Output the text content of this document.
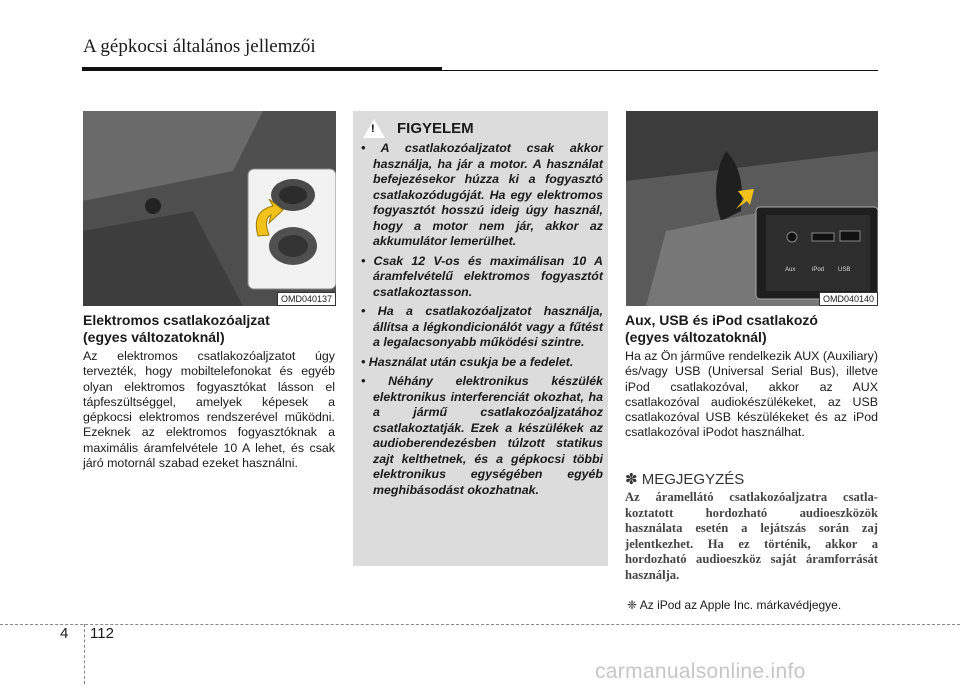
A gépkocsi általános jellemzői
OMD040137
Elektromos csatlakozóaljzat
(egyes változatoknál)
Az elektromos csatlakozóaljzatot úgy tervezték, hogy mobiltelefonokat és egyéb olyan elektromos fogyasztókat lásson el tápfeszültséggel, amelyek képesek a gépkocsi elektromos rendszerével működni. Ezeknek az elektromos fogyasztóknak a maximális áramfelvétele 10 A lehet, és csak járó motornál szabad ezeket használni.
! FIGYELEM
• A csatlakozóaljzatot csak akkor használja, ha jár a motor. A használat befejezésekor húzza ki a fogyasztó csatlakozódugóját. Ha egy elektromos fogyasztót hosszú ideig úgy használ, hogy a motor nem jár, akkor az akkumulátor lemerülhet.
• Csak 12 V-os és maximálisan 10 A áramfelvételű elektromos fogyasztót csatlakoztasson.
• Ha a csatlakozóaljzatot használja, állítsa a légkondicionálót vagy a fűtést a legalacsonyabb működési szintre.
• Használat után csukja be a fedelet.
• Néhány elektronikus készülék elektronikus interferenciát okozhat, ha a jármű csatlakozóaljzatához csatlakoztatják. Ezek a készülékek az audioberendezésben túlzott statikus zajt kelthetnek, és a gépkocsi többi elektronikus egységében egyéb meghibásodást okozhatnak.
Aux	iPod USB
OMD040140
Aux, USB és iPod csatlakozó
(egyes változatoknál)
Ha az Ön járműve rendelkezik AUX (Auxiliary) és/vagy USB (Universal Serial Bus), illetve iPod csatlakozóval, akkor az AUX csatlakozóval audiokészülékeket, az USB csatlakozóval USB készülékeket és az iPod csatlakozóval iPodot használhat.
✽ MEGJEGYZÉS
Az áramellátó csatlakozóaljzatra csatlakoztatott hordozható audioeszközök használata esetén a lejátszás során zaj jelentkezhet. Ha ez történik, akkor a hordozható audioeszköz saját áramforrását használja.
❈ Az iPod az Apple Inc. márkavédjegye.
4 112
carmanualsonline.info
